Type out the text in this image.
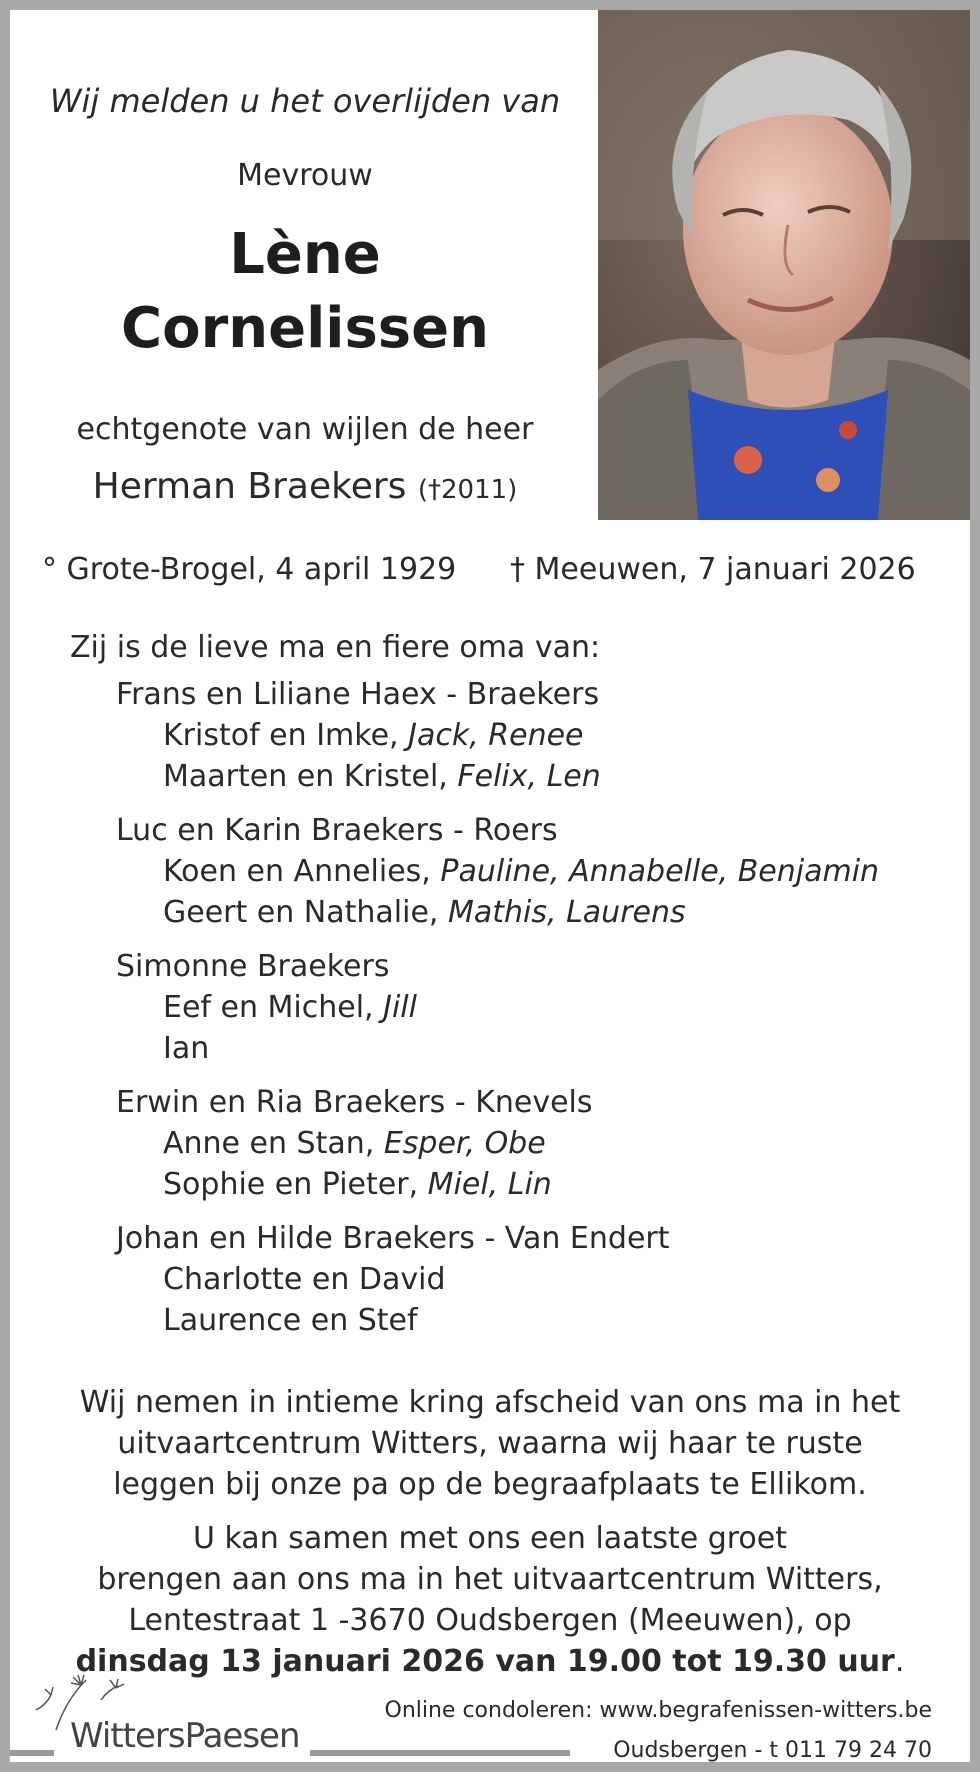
Wij melden u het overlijden van
Mevrouw
Lène
Cornelissen
echtgenote van wijlen de heer
Herman Braekers (†2011)
° Grote-Brogel, 4 april 1929 † Meeuwen, 7 januari 2026
Zij is de lieve ma en fiere oma van:
Frans en Liliane Haex - Braekers
Kristof en Imke, Jack, Renee
Maarten en Kristel, Felix, Len
Luc en Karin Braekers - Roers
Koen en Annelies, Pauline, Annabelle, Benjamin
Geert en Nathalie, Mathis, Laurens
Simonne Braekers
Eef en Michel, Jill
Ian
Erwin en Ria Braekers - Knevels
Anne en Stan, Esper, Obe
Sophie en Pieter, Miel, Lin
Johan en Hilde Braekers - Van Endert
Charlotte en David
Laurence en Stef
Wij nemen in intieme kring afscheid van ons ma in het
uitvaartcentrum Witters, waarna wij haar te ruste
leggen bij onze pa op de begraafplaats te Ellikom.
U kan samen met ons een laatste groet
brengen aan ons ma in het uitvaartcentrum Witters,
Lentestraat 1 -3670 Oudsbergen (Meeuwen), op
dinsdag 13 januari 2026 van 19.00 tot 19.30 uur.
WittersPaesen
Online condoleren: www.begrafenissen-witters.be
Oudsbergen - t 011 79 24 70
